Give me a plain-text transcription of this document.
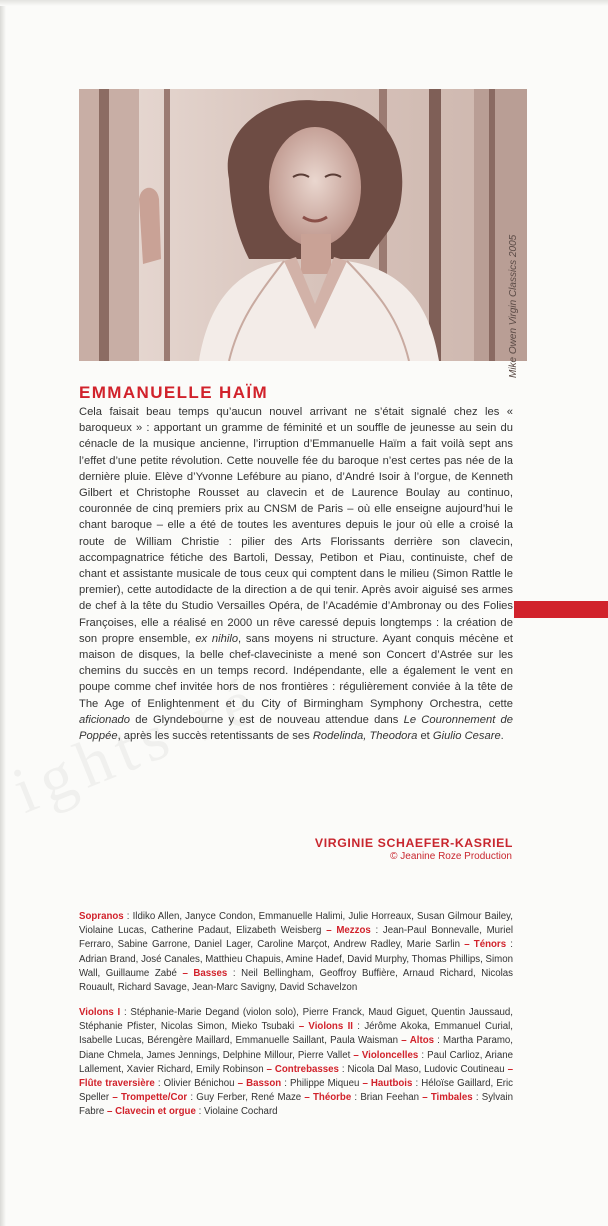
Mike Owen Virgin Classics 2005
EMMANUELLE HAÏM

Cela faisait beau temps qu’aucun nouvel arrivant ne s’était signalé chez les « baroqueux » : apportant un gramme de féminité et un souffle de jeunesse au sein du cénacle de la musique ancienne, l’irruption d’Emmanuelle Haïm a fait voilà sept ans l’effet d’une petite révolution. Cette nouvelle fée du baroque n’est certes pas née de la dernière pluie. Elève d’Yvonne Lefébure au piano, d’André Isoir à l’orgue, de Kenneth Gilbert et Christophe Rousset au clavecin et de Laurence Boulay au continuo, couronnée de cinq premiers prix au CNSM de Paris – où elle enseigne aujourd’hui le chant baroque – elle a été de toutes les aventures depuis le jour où elle a croisé la route de William Christie : pilier des Arts Florissants derrière son clavecin, accompagnatrice fétiche des Bartoli, Dessay, Petibon et Piau, continuiste, chef de chant et assistante musicale de tous ceux qui comptent dans le milieu (Simon Rattle le premier), cette autodidacte de la direction a de qui tenir. Après avoir aiguisé ses armes de chef à la tête du Studio Versailles Opéra, de l’Académie d’Ambronay ou des Folies Françoises, elle a réalisé en 2000 un rêve caressé depuis longtemps : la création de son propre ensemble, ex nihilo, sans moyens ni structure. Ayant conquis mécène et maison de disques, la belle chef-claveciniste a mené son Concert d’Astrée sur les chemins du succès en un temps record. Indépendante, elle a également le vent en poupe comme chef invitée hors de nos frontières : régulièrement conviée à la tête de The Age of Enlightenment et du City of Birmingham Symphony Orchestra, cette aficionado de Glyndebourne y est de nouveau attendue dans Le Couronnement de Poppée, après les succès retentissants de ses Rodelinda, Theodora et Giulio Cesare.

VIRGINIE SCHAEFER-KASRIEL
© Jeanine Roze Production

Sopranos : Ildiko Allen, Janyce Condon, Emmanuelle Halimi, Julie Horreaux, Susan Gilmour Bailey, Violaine Lucas, Catherine Padaut, Elizabeth Weisberg – Mezzos : Jean-Paul Bonnevalle, Muriel Ferraro, Sabine Garrone, Daniel Lager, Caroline Marçot, Andrew Radley, Marie Sarlin – Ténors : Adrian Brand, José Canales, Matthieu Chapuis, Amine Hadef, David Murphy, Thomas Phillips, Simon Wall, Guillaume Zabé – Basses : Neil Bellingham, Geoffroy Buffière, Arnaud Richard, Nicolas Rouault, Richard Savage, Jean-Marc Savigny, David Schavelzon

Violons I : Stéphanie-Marie Degand (violon solo), Pierre Franck, Maud Giguet, Quentin Jaussaud, Stéphanie Pfister, Nicolas Simon, Mieko Tsubaki – Violons II : Jérôme Akoka, Emmanuel Curial, Isabelle Lucas, Bérengère Maillard, Emmanuelle Saillant, Paula Waisman – Altos : Martha Paramo, Diane Chmela, James Jennings, Delphine Millour, Pierre Vallet – Violoncelles : Paul Carlioz, Ariane Lallement, Xavier Richard, Emily Robinson – Contrebasses : Nicola Dal Maso, Ludovic Coutineau – Flûte traversière : Olivier Bénichou – Basson : Philippe Miqueu – Hautbois : Héloïse Gaillard, Eric Speller – Trompette/Cor : Guy Ferber, René Maze – Théorbe : Brian Feehan – Timbales : Sylvain Fabre – Clavecin et orgue : Violaine Cochard
